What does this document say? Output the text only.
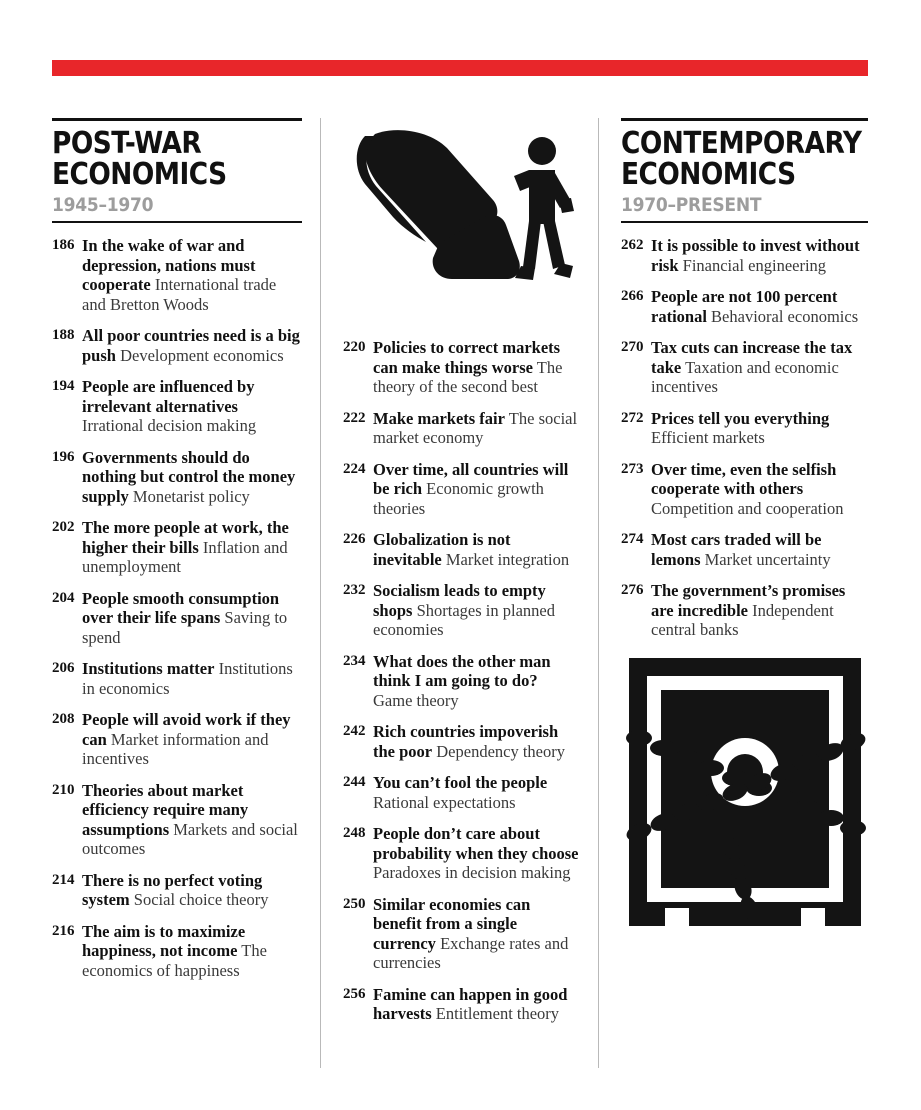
POST-WAR
ECONOMICS
1945–1970
186 In the wake of war and depression, nations must cooperate International trade and Bretton Woods
188 All poor countries need is a big push Development economics
194 People are influenced by irrelevant alternatives Irrational decision making
196 Governments should do nothing but control the money supply Monetarist policy
202 The more people at work, the higher their bills Inflation and unemployment
204 People smooth consumption over their life spans Saving to spend
206 Institutions matter Institutions in economics
208 People will avoid work if they can Market information and incentives
210 Theories about market efficiency require many assumptions Markets and social outcomes
214 There is no perfect voting system Social choice theory
216 The aim is to maximize happiness, not income The economics of happiness
220 Policies to correct markets can make things worse The theory of the second best
222 Make markets fair The social market economy
224 Over time, all countries will be rich Economic growth theories
226 Globalization is not inevitable Market integration
232 Socialism leads to empty shops Shortages in planned economies
234 What does the other man think I am going to do? Game theory
242 Rich countries impoverish the poor Dependency theory
244 You can’t fool the people Rational expectations
248 People don’t care about probability when they choose Paradoxes in decision making
250 Similar economies can benefit from a single currency Exchange rates and currencies
256 Famine can happen in good harvests Entitlement theory
CONTEMPORARY
ECONOMICS
1970–PRESENT
262 It is possible to invest without risk Financial engineering
266 People are not 100 percent rational Behavioral economics
270 Tax cuts can increase the tax take Taxation and economic incentives
272 Prices tell you everything Efficient markets
273 Over time, even the selfish cooperate with others Competition and cooperation
274 Most cars traded will be lemons Market uncertainty
276 The government’s promises are incredible Independent central banks
